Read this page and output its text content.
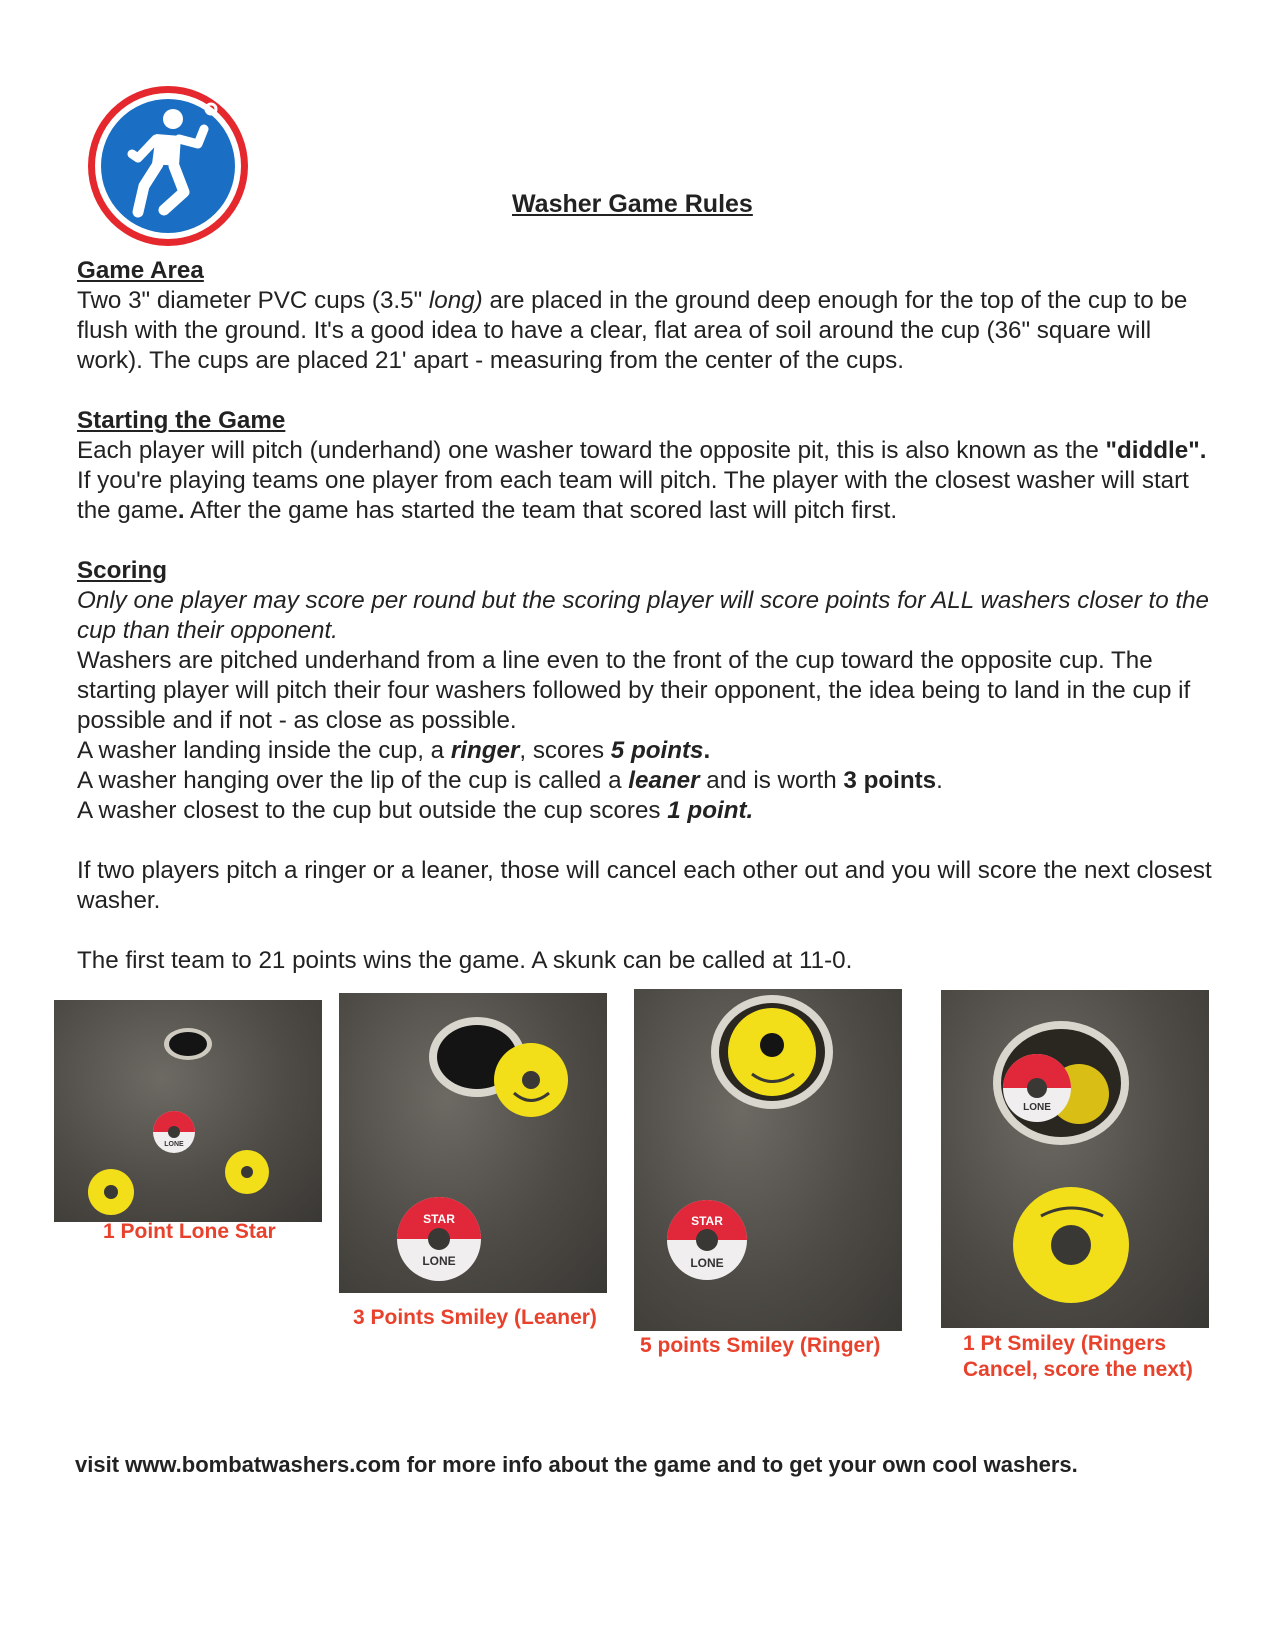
Washer Game Rules
Game Area

Two 3" diameter PVC cups (3.5" long) are placed in the ground deep enough for the top of the cup to be flush with the ground. It's a good idea to have a clear, flat area of soil around the cup (36" square will work). The cups are placed 21' apart - measuring from the center of the cups.

Starting the Game

Each player will pitch (underhand) one washer toward the opposite pit, this is also known as the "diddle". If you're playing teams one player from each team will pitch. The player with the closest washer will start the game. After the game has started the team that scored last will pitch first.

Scoring

Only one player may score per round but the scoring player will score points for ALL washers closer to the cup than their opponent.

Washers are pitched underhand from a line even to the front of the cup toward the opposite cup. The starting player will pitch their four washers followed by their opponent, the idea being to land in the cup if possible and if not - as close as possible.

A washer landing inside the cup, a ringer, scores 5 points.

A washer hanging over the lip of the cup is called a leaner and is worth 3 points.

A washer closest to the cup but outside the cup scores 1 point.

If two players pitch a ringer or a leaner, those will cancel each other out and you will score the next closest washer.

The first team to 21 points wins the game. A skunk can be called at 11-0.

LONE
1 Point Lone Star
LONE
STAR
3 Points Smiley (Leaner)
LONE
STAR
5 points Smiley (Ringer)
LONE
1 Pt Smiley (Ringers Cancel, score the next)
visit www.bombatwashers.com for more info about the game and to get your own cool washers.
